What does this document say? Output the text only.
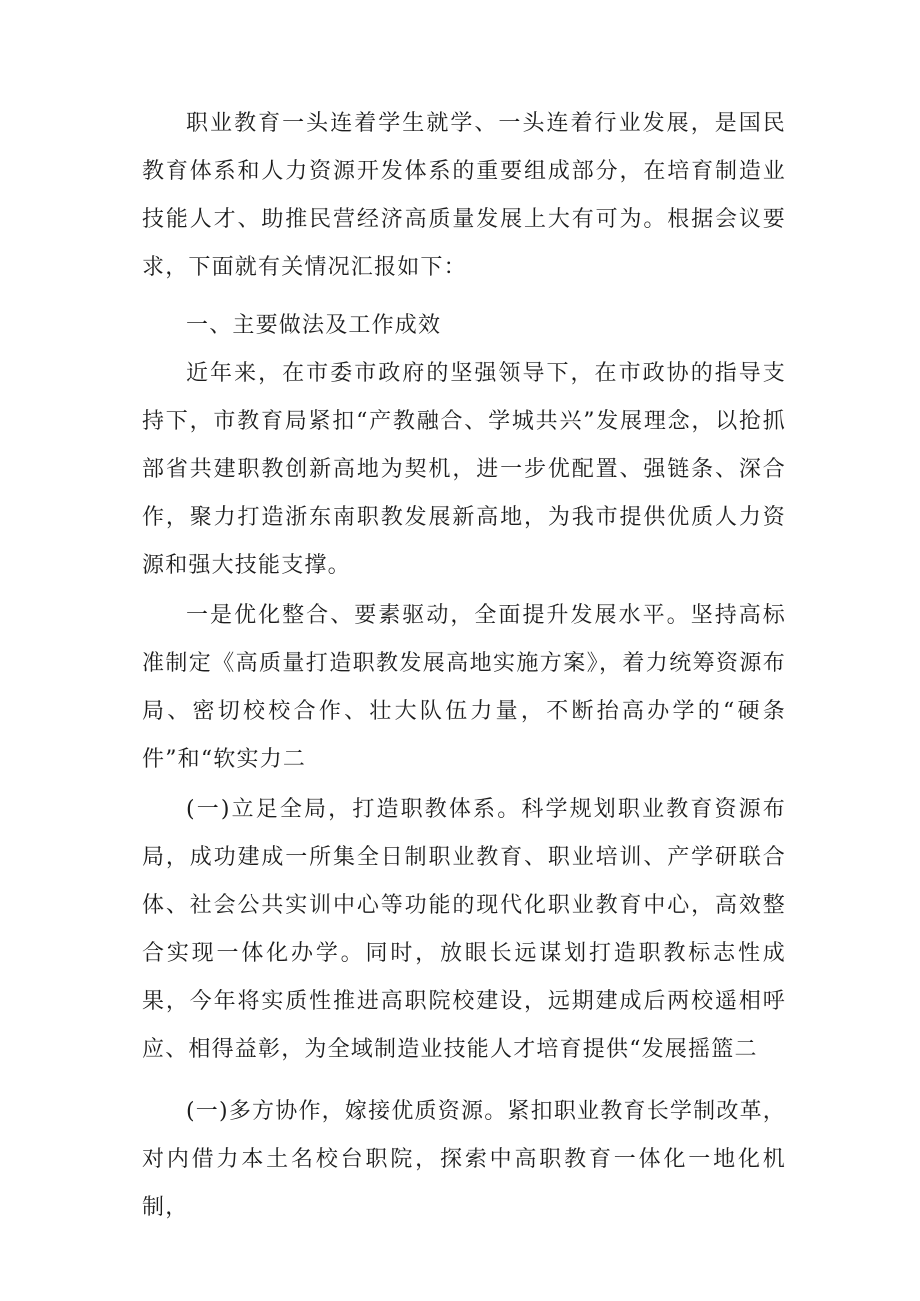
职业教育一头连着学生就学、一头连着行业发展，是国民教育体系和人力资源开发体系的重要组成部分，在培育制造业技能人才、助推民营经济高质量发展上大有可为。根据会议要求，下面就有关情况汇报如下：

一、主要做法及工作成效

近年来，在市委市政府的坚强领导下，在市政协的指导支持下，市教育局紧扣“产教融合、学城共兴”发展理念，以抢抓部省共建职教创新高地为契机，进一步优配置、强链条、深合作，聚力打造浙东南职教发展新高地，为我市提供优质人力资源和强大技能支撑。

一是优化整合、要素驱动，全面提升发展水平。坚持高标准制定《高质量打造职教发展高地实施方案》，着力统筹资源布局、密切校校合作、壮大队伍力量，不断抬高办学的“硬条件”和“软实力二

(一)立足全局，打造职教体系。科学规划职业教育资源布局，成功建成一所集全日制职业教育、职业培训、产学研联合体、社会公共实训中心等功能的现代化职业教育中心，高效整合实现一体化办学。同时，放眼长远谋划打造职教标志性成果，今年将实质性推进高职院校建设，远期建成后两校遥相呼应、相得益彰，为全域制造业技能人才培育提供“发展摇篮二

(一)多方协作，嫁接优质资源。紧扣职业教育长学制改革，对内借力本土名校台职院，探索中高职教育一体化一地化机制，
